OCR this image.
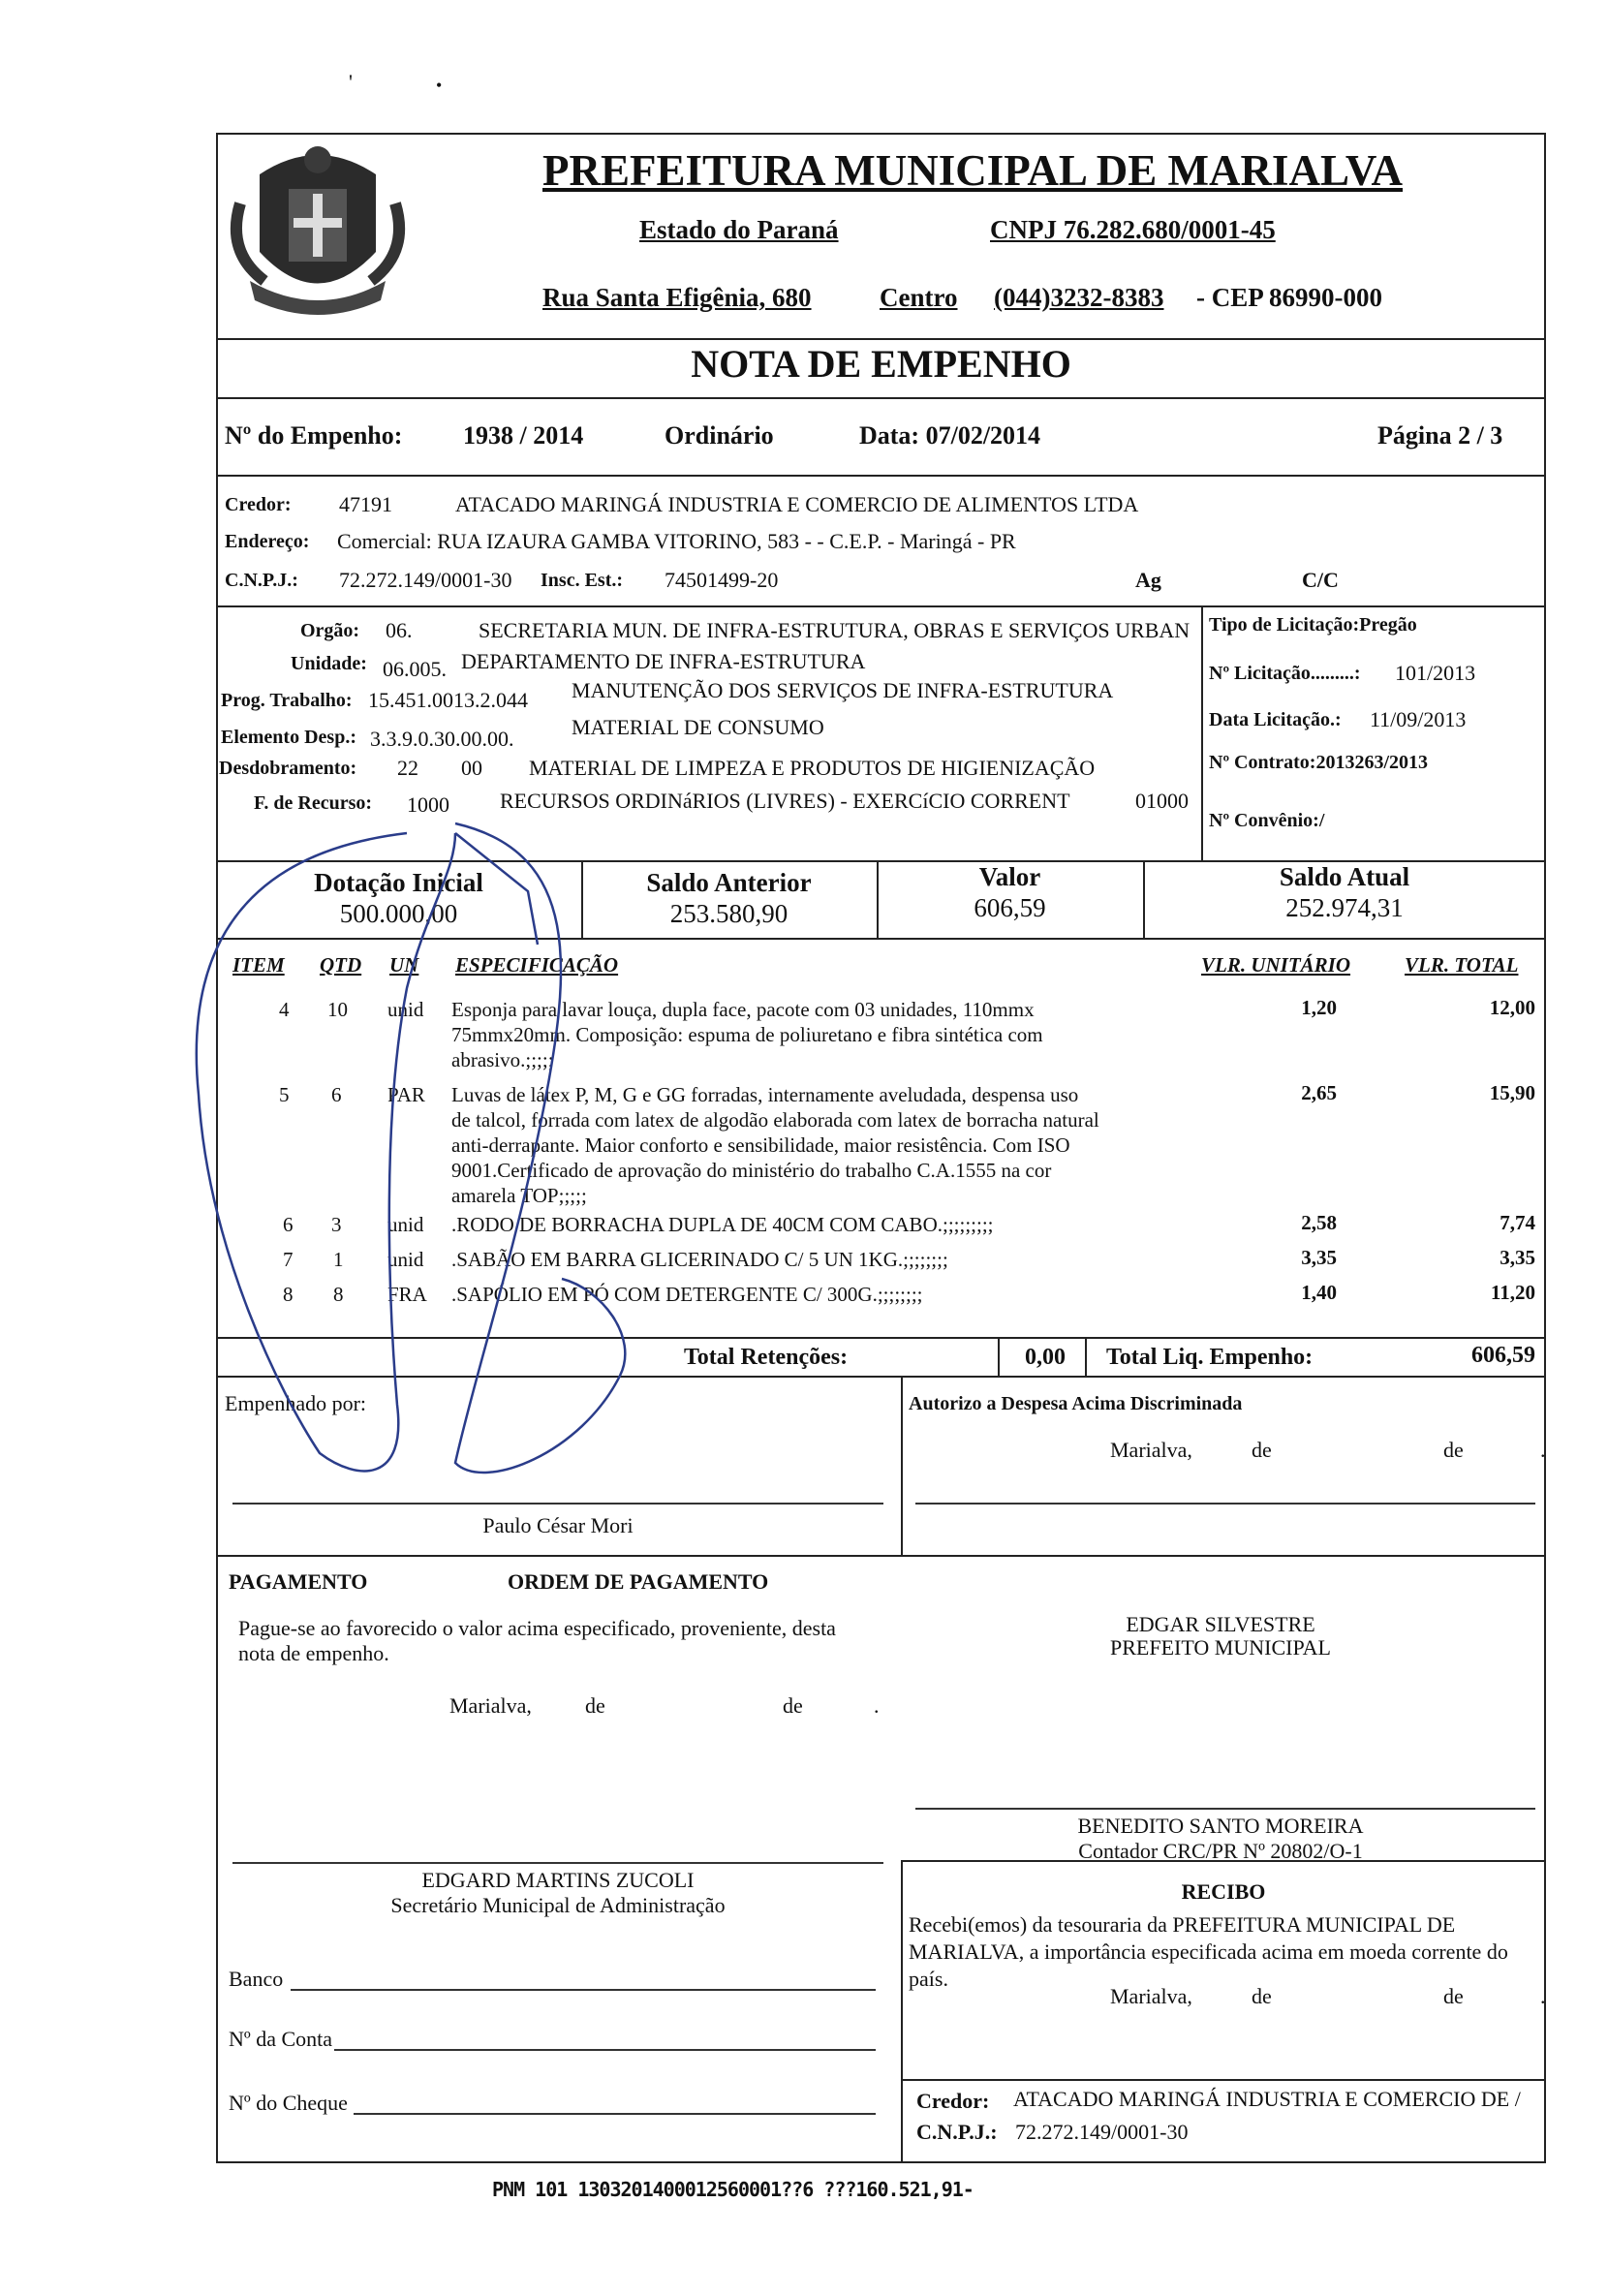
'	•
PREFEITURA MUNICIPAL DE MARIALVA
Estado do Paraná	CNPJ 76.282.680/0001-45
Rua Santa Efigênia, 680	Centro (044)3232-8383 - CEP 86990-000
NOTA DE EMPENHO
Nº do Empenho: 1938 / 2014	Ordinário	Data: 07/02/2014	Página 2 / 3
Credor: 47191	ATACADO MARINGÁ INDUSTRIA E COMERCIO DE ALIMENTOS LTDA
Endereço: Comercial: RUA IZAURA GAMBA VITORINO, 583 - - C.E.P. - Maringá - PR
C.N.P.J.: 72.272.149/0001-30 Insc. Est.: 74501499-20	Ag	C/C
Orgão: 06.	SECRETARIA MUN. DE INFRA-ESTRUTURA, OBRAS E SERVIÇOS URBAN
Unidade: 06.005. DEPARTAMENTO DE INFRA-ESTRUTURA
Prog. Trabalho: 15.451.0013.2.044 MANUTENÇÃO DOS SERVIÇOS DE INFRA-ESTRUTURA
Elemento Desp.: 3.3.9.0.30.00.00.	MATERIAL DE CONSUMO
Desdobramento: 22 00 MATERIAL DE LIMPEZA E PRODUTOS DE HIGIENIZAÇÃO
F. de Recurso: 1000 RECURSOS ORDINáRIOS (LIVRES) - EXERCíCIO CORRENT	01000
Tipo de Licitação:Pregão
Nº Licitação.........: 101/2013
Data Licitação.: 11/09/2013
Nº Contrato:2013263/2013
Nº Convênio:/
Dotação Inicial
500.000,00
Saldo Anterior
253.580,90
Valor
606,59
Saldo Atual
252.974,31
ITEM QTD UN ESPECIFICAÇÃO	VLR. UNITÁRIO	VLR. TOTAL
4 10 unid Esponja para lavar louça, dupla face, pacote com 03 unidades, 110mmx
75mmx20mm. Composição: espuma de poliuretano e fibra sintética com
abrasivo.;;;;;
1,20	12,00
5 6 PAR Luvas de látex P, M, G e GG forradas, internamente aveludada, despensa uso
de talcol, forrada com latex de algodão elaborada com latex de borracha natural
anti-derrapante. Maior conforto e sensibilidade, maior resistência. Com ISO
9001.Certificado de aprovação do ministério do trabalho C.A.1555 na cor
amarela TOP;;;;;
2,65	15,90
6 3 unid .RODO DE BORRACHA DUPLA DE 40CM COM CABO.;;;;;;;;;	2,58	7,74
7 1 unid .SABÃO EM BARRA GLICERINADO C/ 5 UN 1KG.;;;;;;;;	3,35	3,35
8 8 FRA .SAPÓLIO EM PÓ COM DETERGENTE C/ 300G.;;;;;;;;	1,40	11,20
Total Retenções:	0,00 Total Liq. Empenho:	606,59
Empenhado por:	Autorizo a Despesa Acima Discriminada
Marialva,	de	de	.
Paulo César Mori
PAGAMENTO	ORDEM DE PAGAMENTO
Pague-se ao favorecido o valor acima especificado, proveniente, desta
nota de empenho.
EDGAR SILVESTRE
PREFEITO MUNICIPAL
Marialva,	de	de	.
BENEDITO SANTO MOREIRA
Contador CRC/PR Nº 20802/O-1
EDGARD MARTINS ZUCOLI
Secretário Municipal de Administração
RECIBO
Recebi(emos) da tesouraria da PREFEITURA MUNICIPAL DE
MARIALVA, a importância especificada acima em moeda corrente do
país.
Marialva,	de	de	.
Banco
Nº da Conta
Nº do Cheque	Credor: ATACADO MARINGÁ INDUSTRIA E COMERCIO DE /
C.N.P.J.: 72.272.149/0001-30
PNM 101 1303201400012560001??6 ???160.521,91-
